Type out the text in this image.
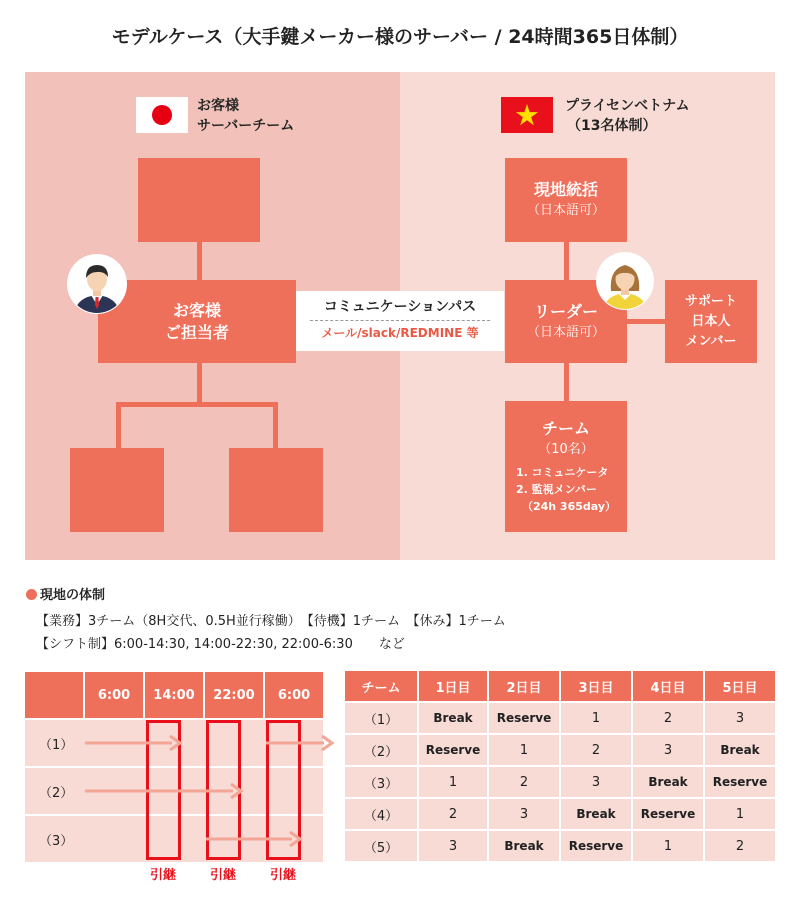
モデルケース（大手鍵メーカー様のサーバー / 24時間365日体制）
お客様
サーバーチーム
プライセンベトナム
（13名体制）
お客様
ご担当者
コミュニケーションパス
メール/slack/REDMINE 等
現地統括
（日本語可）
リーダー
（日本語可）
サポート
日本人
メンバー
チーム
（10名）
1. コミュニケータ
2. 監視メンバー
（24h 365day）
現地の体制
【業務】3チーム（8H交代、0.5H並行稼働）　【待機】1チーム　【休み】1チーム
【シフト制】6:00-14:30, 14:00-22:30, 22:00-6:30　　など
6:00	14:00	22:00	6:00
（1）
（2）
（3）
引継	引継	引継
チーム	1日目	2日目	3日目	4日目	5日目
（1）	Break	Reserve	1	2	3
（2）	Reserve	1	2	3	Break
（3）	1	2	3	Break	Reserve
（4）	2	3	Break	Reserve	1
（5）	3	Break	Reserve	1	2
